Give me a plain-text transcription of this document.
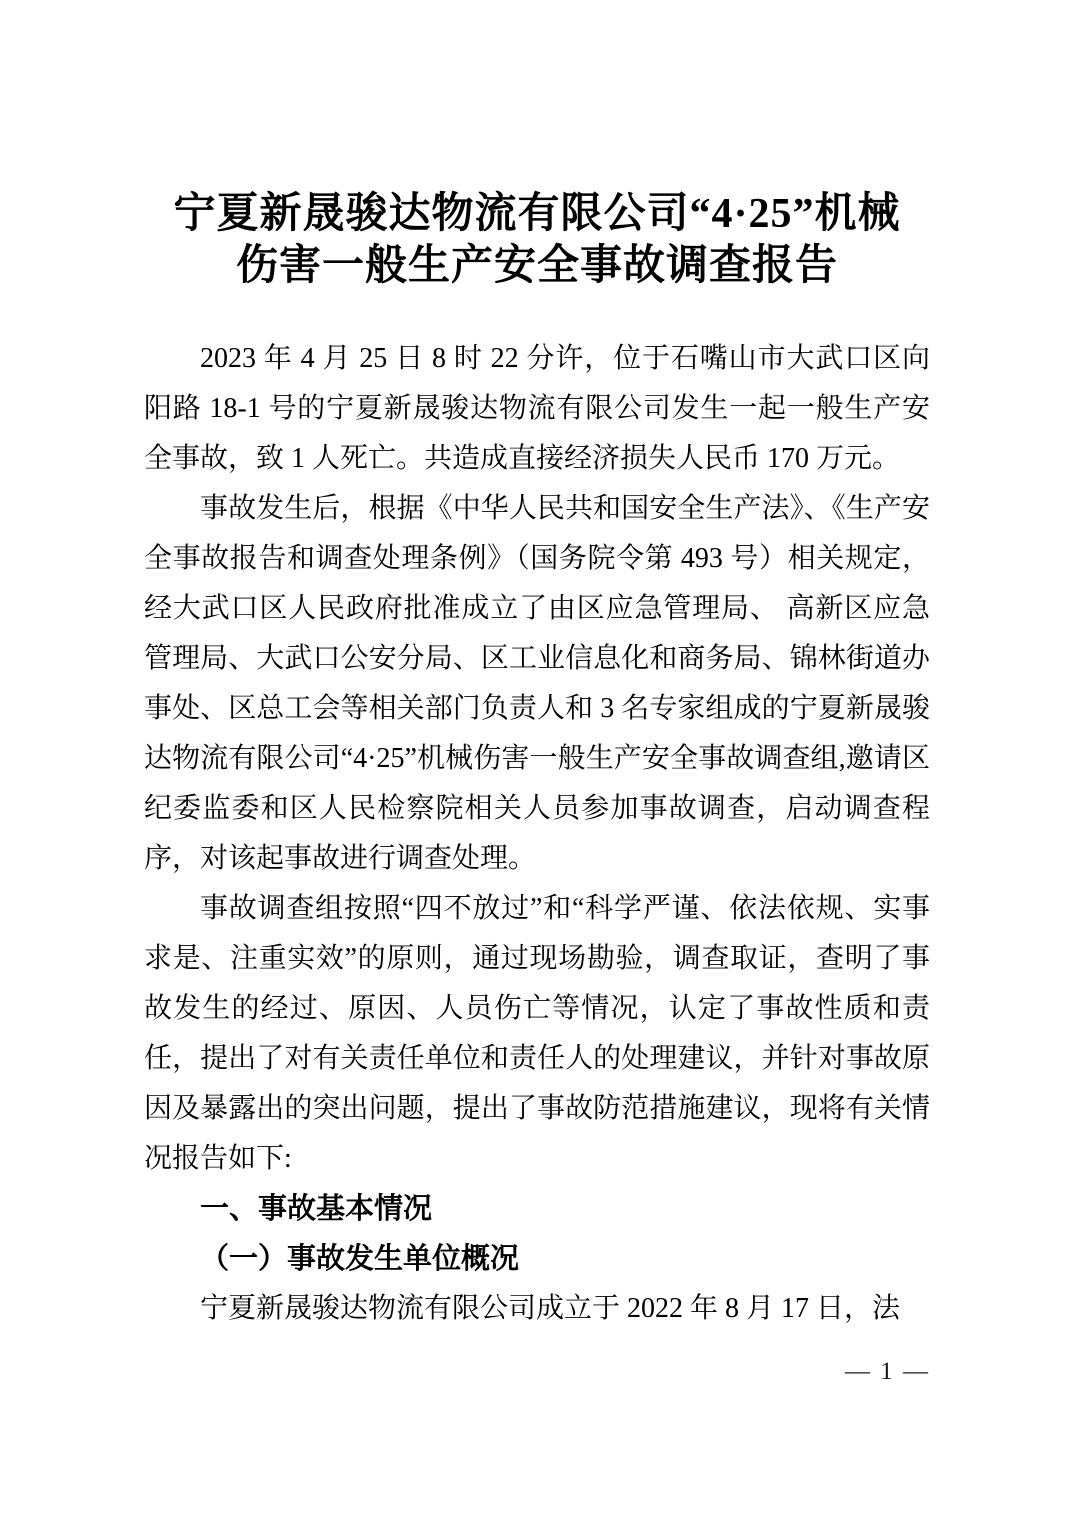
宁夏新晟骏达物流有限公司“4·25”机械
伤害一般生产安全事故调查报告

2023 年 4 月 25 日 8 时 22 分许，位于石嘴山市大武口区向阳路 18-1 号的宁夏新晟骏达物流有限公司发生一起一般生产安全事故，致 1 人死亡。共造成直接经济损失人民币 170 万元。

事故发生后，根据《中华人民共和国安全生产法》、《生产安全事故报告和调查处理条例》（国务院令第 493 号）相关规定，经大武口区人民政府批准成立了由区应急管理局、 高新区应急管理局、大武口公安分局、区工业信息化和商务局、锦林街道办事处、区总工会等相关部门负责人和 3 名专家组成的宁夏新晟骏达物流有限公司“4·25”机械伤害一般生产安全事故调查组,邀请区纪委监委和区人民检察院相关人员参加事故调查，启动调查程序，对该起事故进行调查处理。

事故调查组按照“四不放过”和“科学严谨、依法依规、实事求是、注重实效”的原则，通过现场勘验，调查取证，查明了事故发生的经过、原因、人员伤亡等情况，认定了事故性质和责任，提出了对有关责任单位和责任人的处理建议，并针对事故原因及暴露出的突出问题，提出了事故防范措施建议，现将有关情况报告如下:

一、事故基本情况
（一）事故发生单位概况

宁夏新晟骏达物流有限公司成立于 2022 年 8 月 17 日，法

— 1 —
